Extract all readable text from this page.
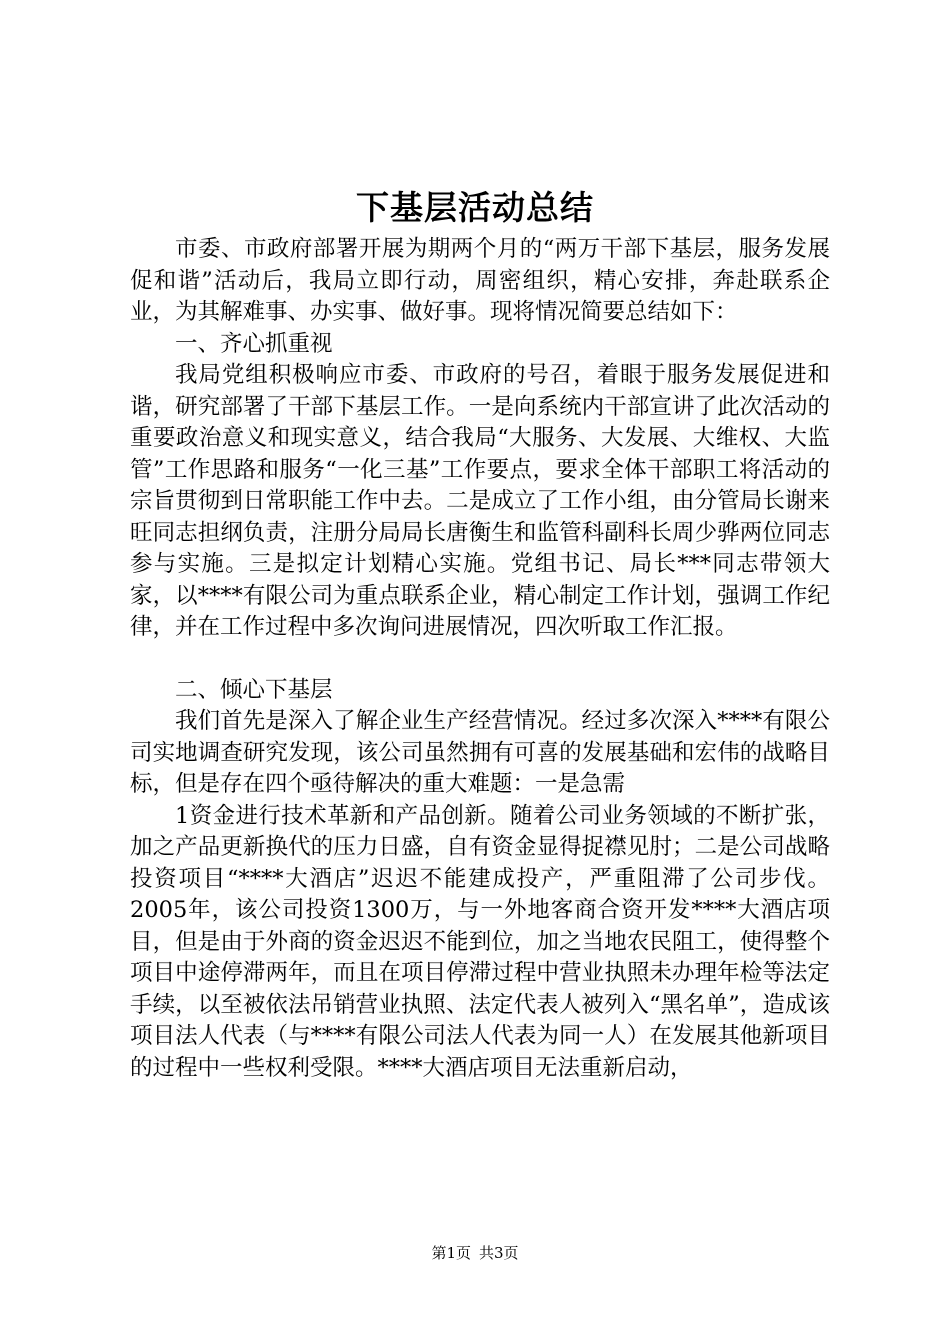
下基层活动总结

市委、市政府部署开展为期两个月的“两万干部下基层，服务发展促和谐”活动后，我局立即行动，周密组织，精心安排，奔赴联系企业，为其解难事、办实事、做好事。现将情况简要总结如下：

一、齐心抓重视

我局党组积极响应市委、市政府的号召，着眼于服务发展促进和谐，研究部署了干部下基层工作。一是向系统内干部宣讲了此次活动的重要政治意义和现实意义，结合我局“大服务、大发展、大维权、大监管”工作思路和服务“一化三基”工作要点，要求全体干部职工将活动的宗旨贯彻到日常职能工作中去。二是成立了工作小组，由分管局长谢来旺同志担纲负责，注册分局局长唐衡生和监管科副科长周少骅两位同志参与实施。三是拟定计划精心实施。党组书记、局长***同志带领大家，以****有限公司为重点联系企业，精心制定工作计划，强调工作纪律，并在工作过程中多次询问进展情况，四次听取工作汇报。

二、倾心下基层

我们首先是深入了解企业生产经营情况。经过多次深入****有限公司实地调查研究发现，该公司虽然拥有可喜的发展基础和宏伟的战略目标，但是存在四个亟待解决的重大难题：一是急需

1资金进行技术革新和产品创新。随着公司业务领域的不断扩张，加之产品更新换代的压力日盛，自有资金显得捉襟见肘；二是公司战略投资项目“****大酒店”迟迟不能建成投产，严重阻滞了公司步伐。2005年，该公司投资1300万，与一外地客商合资开发****大酒店项目，但是由于外商的资金迟迟不能到位，加之当地农民阻工，使得整个项目中途停滞两年，而且在项目停滞过程中营业执照未办理年检等法定手续，以至被依法吊销营业执照、法定代表人被列入“黑名单”，造成该项目法人代表（与****有限公司法人代表为同一人）在发展其他新项目的过程中一些权利受限。****大酒店项目无法重新启动，

第1页 共3页
